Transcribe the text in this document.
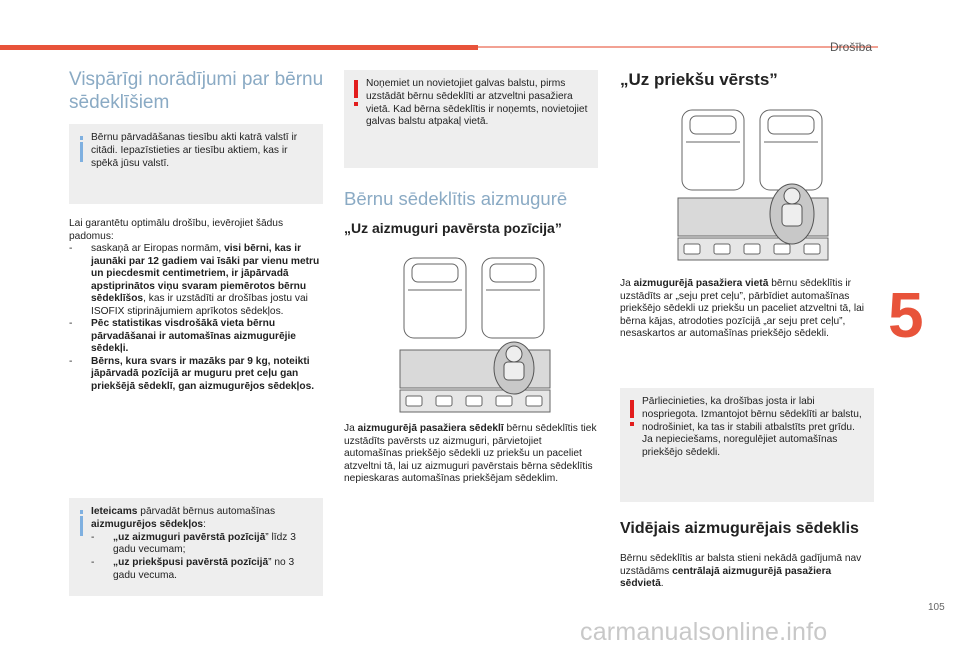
Drošība
5
105
carmanualsonline.info
Vispārīgi norādījumi par bērnu sēdeklīšiem
Bērnu pārvadāšanas tiesību akti katrā valstī ir citādi. Iepazīstieties ar tiesību aktiem, kas ir spēkā jūsu valstī.
Lai garantētu optimālu drošību, ievērojiet šādus padomus:
- saskaņā ar Eiropas normām, visi bērni, kas ir jaunāki par 12 gadiem vai īsāki par vienu metru un piecdesmit centimetriem, ir jāpārvadā apstiprinātos viņu svaram piemērotos bērnu sēdeklīšos, kas ir uzstādīti ar drošības jostu vai ISOFIX stiprinājumiem aprīkotos sēdekļos.
- Pēc statistikas visdrošākā vieta bērnu pārvadāšanai ir automašīnas aizmugurējie sēdekļi.
- Bērns, kura svars ir mazāks par 9 kg, noteikti jāpārvadā pozīcijā ar muguru pret ceļu gan priekšējā sēdeklī, gan aizmugurējos sēdekļos.
Ieteicams pārvadāt bērnus automašīnas
aizmugurējos sēdekļos:
- „uz aizmuguri pavērstā pozīcijā” līdz 3 gadu vecumam;
- „uz priekšpusi pavērstā pozīcijā” no 3 gadu vecuma.
Noņemiet un novietojiet galvas balstu, pirms uzstādāt bērnu sēdeklīti ar atzveltni pasažiera vietā. Kad bērna sēdeklītis ir noņemts, novietojiet galvas balstu atpakaļ vietā.
Bērnu sēdeklītis aizmugurē
„Uz aizmuguri pavērsta pozīcija”
Ja aizmugurējā pasažiera sēdeklī bērnu sēdeklītis tiek uzstādīts pavērsts uz aizmuguri, pārvietojiet automašīnas priekšējo sēdekli uz priekšu un paceliet atzveltni tā, lai uz aizmuguri pavērstais bērna sēdeklītis nepieskaras automašīnas priekšējam sēdeklim.
„Uz priekšu vērsts”
Ja aizmugurējā pasažiera vietā bērnu sēdeklītis ir uzstādīts ar „seju pret ceļu”, pārbīdiet automašīnas priekšējo sēdekli uz priekšu un paceliet atzveltni tā, lai bērna kājas, atrodoties pozīcijā „ar seju pret ceļu”, nesaskartos ar automašīnas priekšējo sēdekli.
Pārliecinieties, ka drošības josta ir labi nospriegota. Izmantojot bērnu sēdeklīti ar balstu, nodrošiniet, ka tas ir stabili atbalstīts pret grīdu. Ja nepieciešams, noregulējiet automašīnas priekšējo sēdekli.
Vidējais aizmugurējais sēdeklis
Bērnu sēdeklītis ar balsta stieni nekādā gadījumā nav uzstādāms centrālajā aizmugurējā pasažiera sēdvietā.
